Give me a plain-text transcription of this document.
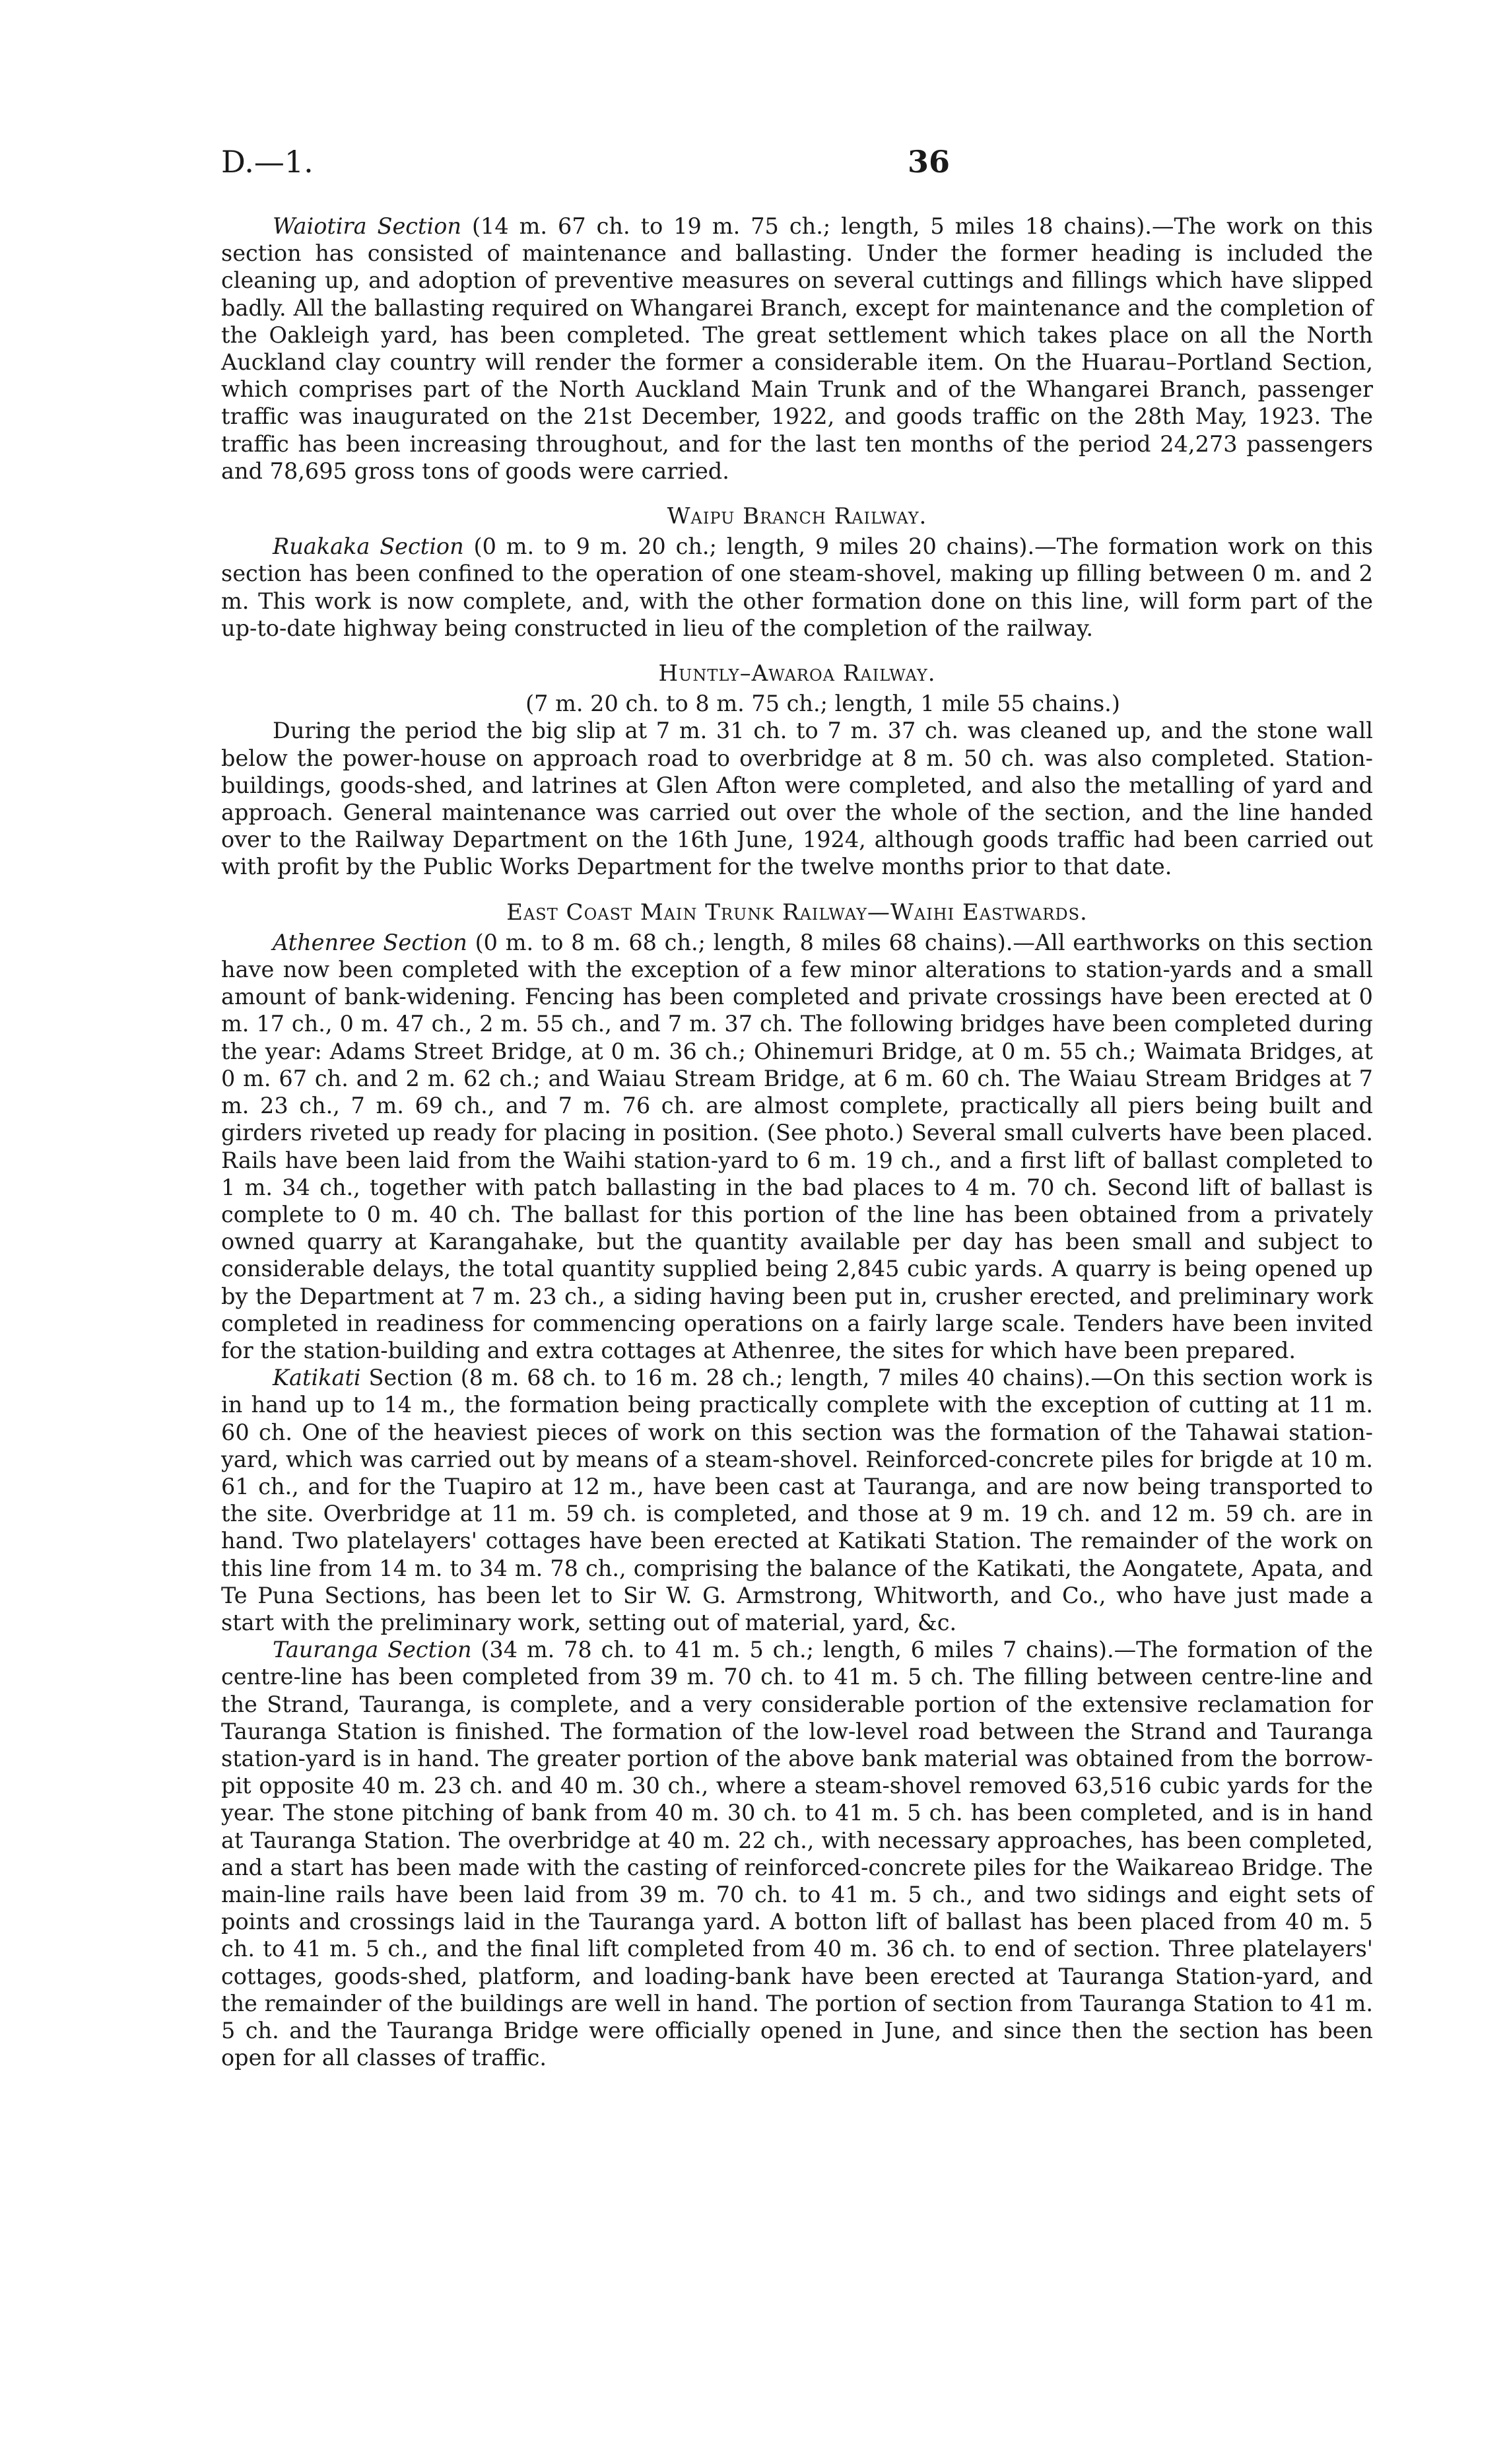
D.—1.	36

Waiotira Section (14 m. 67 ch. to 19 m. 75 ch.; length, 5 miles 18 chains).—The work on this section has consisted of maintenance and ballasting. Under the former heading is included the cleaning up, and adoption of preventive measures on several cuttings and fillings which have slipped badly. All the ballasting required on Whangarei Branch, except for maintenance and the completion of the Oakleigh yard, has been completed. The great settlement which takes place on all the North Auckland clay country will render the former a considerable item. On the Huarau–Portland Section, which comprises part of the North Auckland Main Trunk and of the Whangarei Branch, passenger traffic was inaugurated on the 21st December, 1922, and goods traffic on the 28th May, 1923. The traffic has been increasing throughout, and for the last ten months of the period 24,273 passengers and 78,695 gross tons of goods were carried.

Waipu Branch Railway.

Ruakaka Section (0 m. to 9 m. 20 ch.; length, 9 miles 20 chains).—The formation work on this section has been confined to the operation of one steam-shovel, making up filling between 0 m. and 2 m. This work is now complete, and, with the other formation done on this line, will form part of the up-to-date highway being constructed in lieu of the completion of the railway.

Huntly–Awaroa Railway.

(7 m. 20 ch. to 8 m. 75 ch.; length, 1 mile 55 chains.)

During the period the big slip at 7 m. 31 ch. to 7 m. 37 ch. was cleaned up, and the stone wall below the power-house on approach road to overbridge at 8 m. 50 ch. was also completed. Station-buildings, goods-shed, and latrines at Glen Afton were completed, and also the metalling of yard and approach. General maintenance was carried out over the whole of the section, and the line handed over to the Railway Department on the 16th June, 1924, although goods traffic had been carried out with profit by the Public Works Department for the twelve months prior to that date.

East Coast Main Trunk Railway—Waihi Eastwards.

Athenree Section (0 m. to 8 m. 68 ch.; length, 8 miles 68 chains).—All earthworks on this section have now been completed with the exception of a few minor alterations to station-yards and a small amount of bank-widening. Fencing has been completed and private crossings have been erected at 0 m. 17 ch., 0 m. 47 ch., 2 m. 55 ch., and 7 m. 37 ch. The following bridges have been completed during the year: Adams Street Bridge, at 0 m. 36 ch.; Ohinemuri Bridge, at 0 m. 55 ch.; Waimata Bridges, at 0 m. 67 ch. and 2 m. 62 ch.; and Waiau Stream Bridge, at 6 m. 60 ch. The Waiau Stream Bridges at 7 m. 23 ch., 7 m. 69 ch., and 7 m. 76 ch. are almost complete, practically all piers being built and girders riveted up ready for placing in position. (See photo.) Several small culverts have been placed. Rails have been laid from the Waihi station-yard to 6 m. 19 ch., and a first lift of ballast completed to 1 m. 34 ch., together with patch ballasting in the bad places to 4 m. 70 ch. Second lift of ballast is complete to 0 m. 40 ch. The ballast for this portion of the line has been obtained from a privately owned quarry at Karangahake, but the quantity available per day has been small and subject to considerable delays, the total quantity supplied being 2,845 cubic yards. A quarry is being opened up by the Department at 7 m. 23 ch., a siding having been put in, crusher erected, and preliminary work completed in readiness for commencing operations on a fairly large scale. Tenders have been invited for the station-building and extra cottages at Athenree, the sites for which have been prepared.

Katikati Section (8 m. 68 ch. to 16 m. 28 ch.; length, 7 miles 40 chains).—On this section work is in hand up to 14 m., the formation being practically complete with the exception of cutting at 11 m. 60 ch. One of the heaviest pieces of work on this section was the formation of the Tahawai station-yard, which was carried out by means of a steam-shovel. Reinforced-concrete piles for brigde at 10 m. 61 ch., and for the Tuapiro at 12 m., have been cast at Tauranga, and are now being transported to the site. Overbridge at 11 m. 59 ch. is completed, and those at 9 m. 19 ch. and 12 m. 59 ch. are in hand. Two platelayers' cottages have been erected at Katikati Station. The remainder of the work on this line from 14 m. to 34 m. 78 ch., comprising the balance of the Katikati, the Aongatete, Apata, and Te Puna Sections, has been let to Sir W. G. Armstrong, Whitworth, and Co., who have just made a start with the preliminary work, setting out of material, yard, &c.

Tauranga Section (34 m. 78 ch. to 41 m. 5 ch.; length, 6 miles 7 chains).—The formation of the centre-line has been completed from 39 m. 70 ch. to 41 m. 5 ch. The filling between centre-line and the Strand, Tauranga, is complete, and a very considerable portion of the extensive reclamation for Tauranga Station is finished. The formation of the low-level road between the Strand and Tauranga station-yard is in hand. The greater portion of the above bank material was obtained from the borrow-pit opposite 40 m. 23 ch. and 40 m. 30 ch., where a steam-shovel removed 63,516 cubic yards for the year. The stone pitching of bank from 40 m. 30 ch. to 41 m. 5 ch. has been completed, and is in hand at Tauranga Station. The overbridge at 40 m. 22 ch., with necessary approaches, has been completed, and a start has been made with the casting of reinforced-concrete piles for the Waikareao Bridge. The main-line rails have been laid from 39 m. 70 ch. to 41 m. 5 ch., and two sidings and eight sets of points and crossings laid in the Tauranga yard. A botton lift of ballast has been placed from 40 m. 5 ch. to 41 m. 5 ch., and the final lift completed from 40 m. 36 ch. to end of section. Three platelayers' cottages, goods-shed, platform, and loading-bank have been erected at Tauranga Station-yard, and the remainder of the buildings are well in hand. The portion of section from Tauranga Station to 41 m. 5 ch. and the Tauranga Bridge were officially opened in June, and since then the section has been open for all classes of traffic.
